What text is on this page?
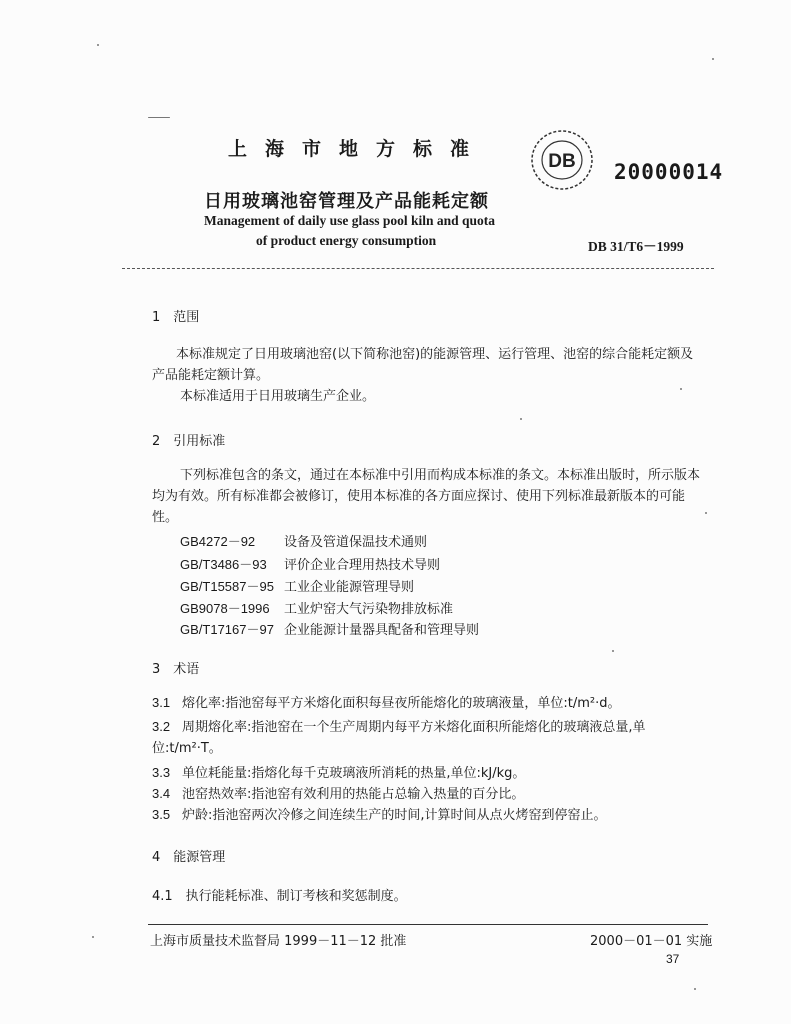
上海市地方标准
DB 20000014
日用玻璃池窑管理及产品能耗定额
Management of daily use glass pool kiln and quota
of product energy consumption	DB 31/T6－1999
1　范围
本标准规定了日用玻璃池窑(以下简称池窑)的能源管理、运行管理、池窑的综合能耗定额及产品能耗定额计算。
本标准适用于日用玻璃生产企业。
2　引用标准
下列标准包含的条文，通过在本标准中引用而构成本标准的条文。本标准出版时，所示版本均为有效。所有标准都会被修订，使用本标准的各方面应探讨、使用下列标准最新版本的可能性。
GB4272－92 设备及管道保温技术通则
GB/T3486－93 评价企业合理用热技术导则
GB/T15587－95 工业企业能源管理导则
GB9078－1996 工业炉窑大气污染物排放标准
GB/T17167－97 企业能源计量器具配备和管理导则
3　术语
3.1 熔化率:指池窑每平方米熔化面积每昼夜所能熔化的玻璃液量，单位:t/m²·d。
3.2 周期熔化率:指池窑在一个生产周期内每平方米熔化面积所能熔化的玻璃液总量,单位:t/m²·T。
3.3 单位耗能量:指熔化每千克玻璃液所消耗的热量,单位:kJ/kg。
3.4 池窑热效率:指池窑有效利用的热能占总输入热量的百分比。
3.5 炉龄:指池窑两次冷修之间连续生产的时间,计算时间从点火烤窑到停窑止。
4　能源管理
4.1　执行能耗标准、制订考核和奖惩制度。
上海市质量技术监督局 1999－11－12 批准	2000－01－01 实施
37
